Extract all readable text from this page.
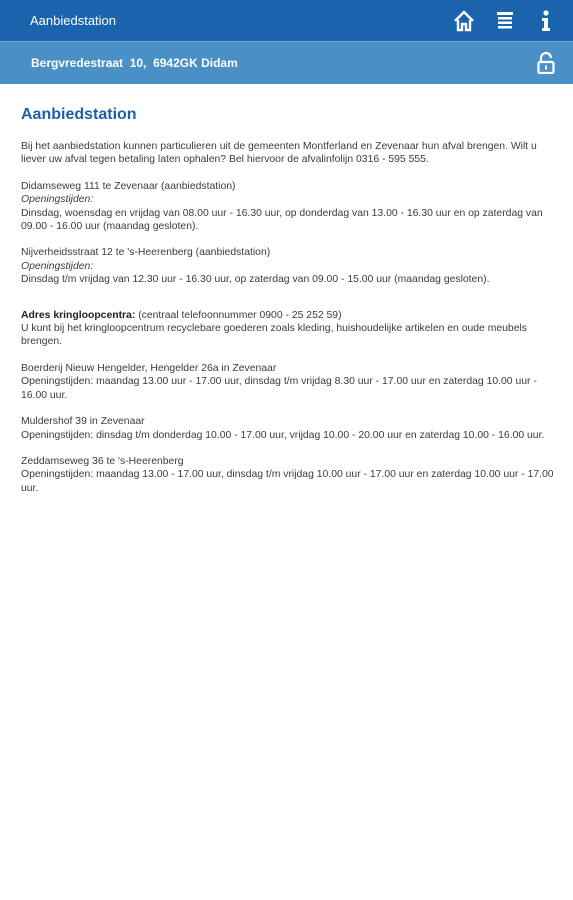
Aanbiedstation
Bergvredestraat  10,  6942GK Didam
Aanbiedstation
Bij het aanbiedstation kunnen particulieren uit de gemeenten Montferland en Zevenaar hun afval brengen. Wilt u liever uw afval tegen betaling laten ophalen? Bel hiervoor de afvalinfolijn 0316 - 595 555.
Didamseweg 111 te Zevenaar (aanbiedstation)
Openingstijden:
Dinsdag, woensdag en vrijdag van 08.00 uur - 16.30 uur, op donderdag van 13.00 - 16.30 uur en op zaterdag van 09.00 - 16.00 uur (maandag gesloten).
Nijverheidsstraat 12 te 's-Heerenberg (aanbiedstation)
Openingstijden:
Dinsdag t/m vrijdag van 12.30 uur - 16.30 uur, op zaterdag van 09.00 - 15.00 uur (maandag gesloten).
Adres kringloopcentra: (centraal telefoonnummer 0900 - 25 252 59)
U kunt bij het kringloopcentrum recyclebare goederen zoals kleding, huishoudelijke artikelen en oude meubels brengen.
Boerderij Nieuw Hengelder, Hengelder 26a in Zevenaar
Openingstijden: maandag 13.00 uur - 17.00 uur, dinsdag t/m vrijdag 8.30 uur - 17.00 uur en zaterdag 10.00 uur - 16.00 uur.
Muldershof 39 in Zevenaar
Openingstijden: dinsdag t/m donderdag 10.00 - 17.00 uur, vrijdag 10.00 - 20.00 uur en zaterdag 10.00 - 16.00 uur.
Zeddamseweg 36 te 's-Heerenberg
Openingstijden: maandag 13.00 - 17.00 uur, dinsdag t/m vrijdag 10.00 uur - 17.00 uur en zaterdag 10.00 uur - 17.00 uur.
